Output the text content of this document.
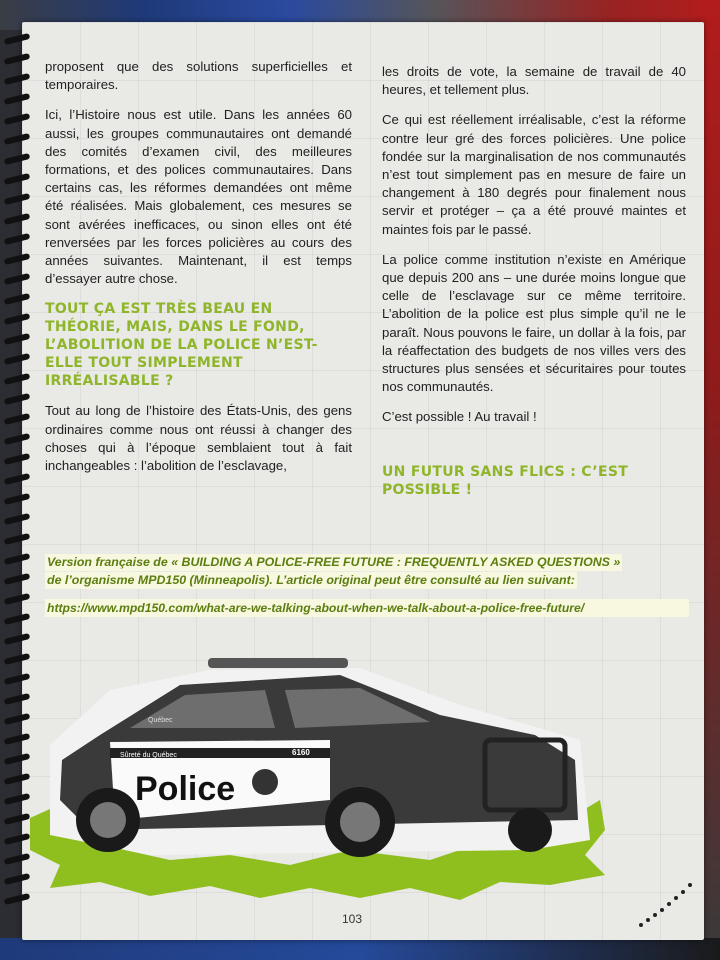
proposent que des solutions superficielles et temporaires.

Ici, l’Histoire nous est utile. Dans les années 60 aussi, les groupes communautaires ont demandé des comités d’examen civil, des meilleures formations, et des polices communautaires. Dans certains cas, les réformes demandées ont même été réalisées. Mais globalement, ces mesures se sont avérées inefficaces, ou sinon elles ont été renversées par les forces policières au cours des années suivantes. Maintenant, il est temps d’essayer autre chose.

TOUT ÇA EST TRÈS BEAU EN THÉORIE, MAIS, DANS LE FOND, L’ABOLITION DE LA POLICE N’EST-ELLE TOUT SIMPLEMENT IRRÉALISABLE ?

Tout au long de l’histoire des États-Unis, des gens ordinaires comme nous ont réussi à changer des choses qui à l’époque semblaient tout à fait inchangeables : l’abolition de l’esclavage,

les droits de vote, la semaine de travail de 40 heures, et tellement plus.

Ce qui est réellement irréalisable, c’est la réforme contre leur gré des forces policières. Une police fondée sur la marginalisation de nos communautés n’est tout simplement pas en mesure de faire un changement à 180 degrés pour finalement nous servir et protéger – ça a été prouvé maintes et maintes fois par le passé.

La police comme institution n’existe en Amérique que depuis 200 ans – une durée moins longue que celle de l’esclavage sur ce même territoire. L’abolition de la police est plus simple qu’il ne le paraît. Nous pouvons le faire, un dollar à la fois, par la réaffectation des budgets de nos villes vers des structures plus sensées et sécuritaires pour toutes nos communautés.

C’est possible ! Au travail !

UN FUTUR SANS FLICS : C’EST POSSIBLE !

Version française de « BUILDING A POLICE-FREE FUTURE : FREQUENTLY ASKED QUESTIONS »
de l’organisme MPD150 (Minneapolis). L’article original peut être consulté au lien suivant:
https://www.mpd150.com/what-are-we-talking-about-when-we-talk-about-a-police-free-future/
Police
Sûreté du Québec
Québec
6160
103
